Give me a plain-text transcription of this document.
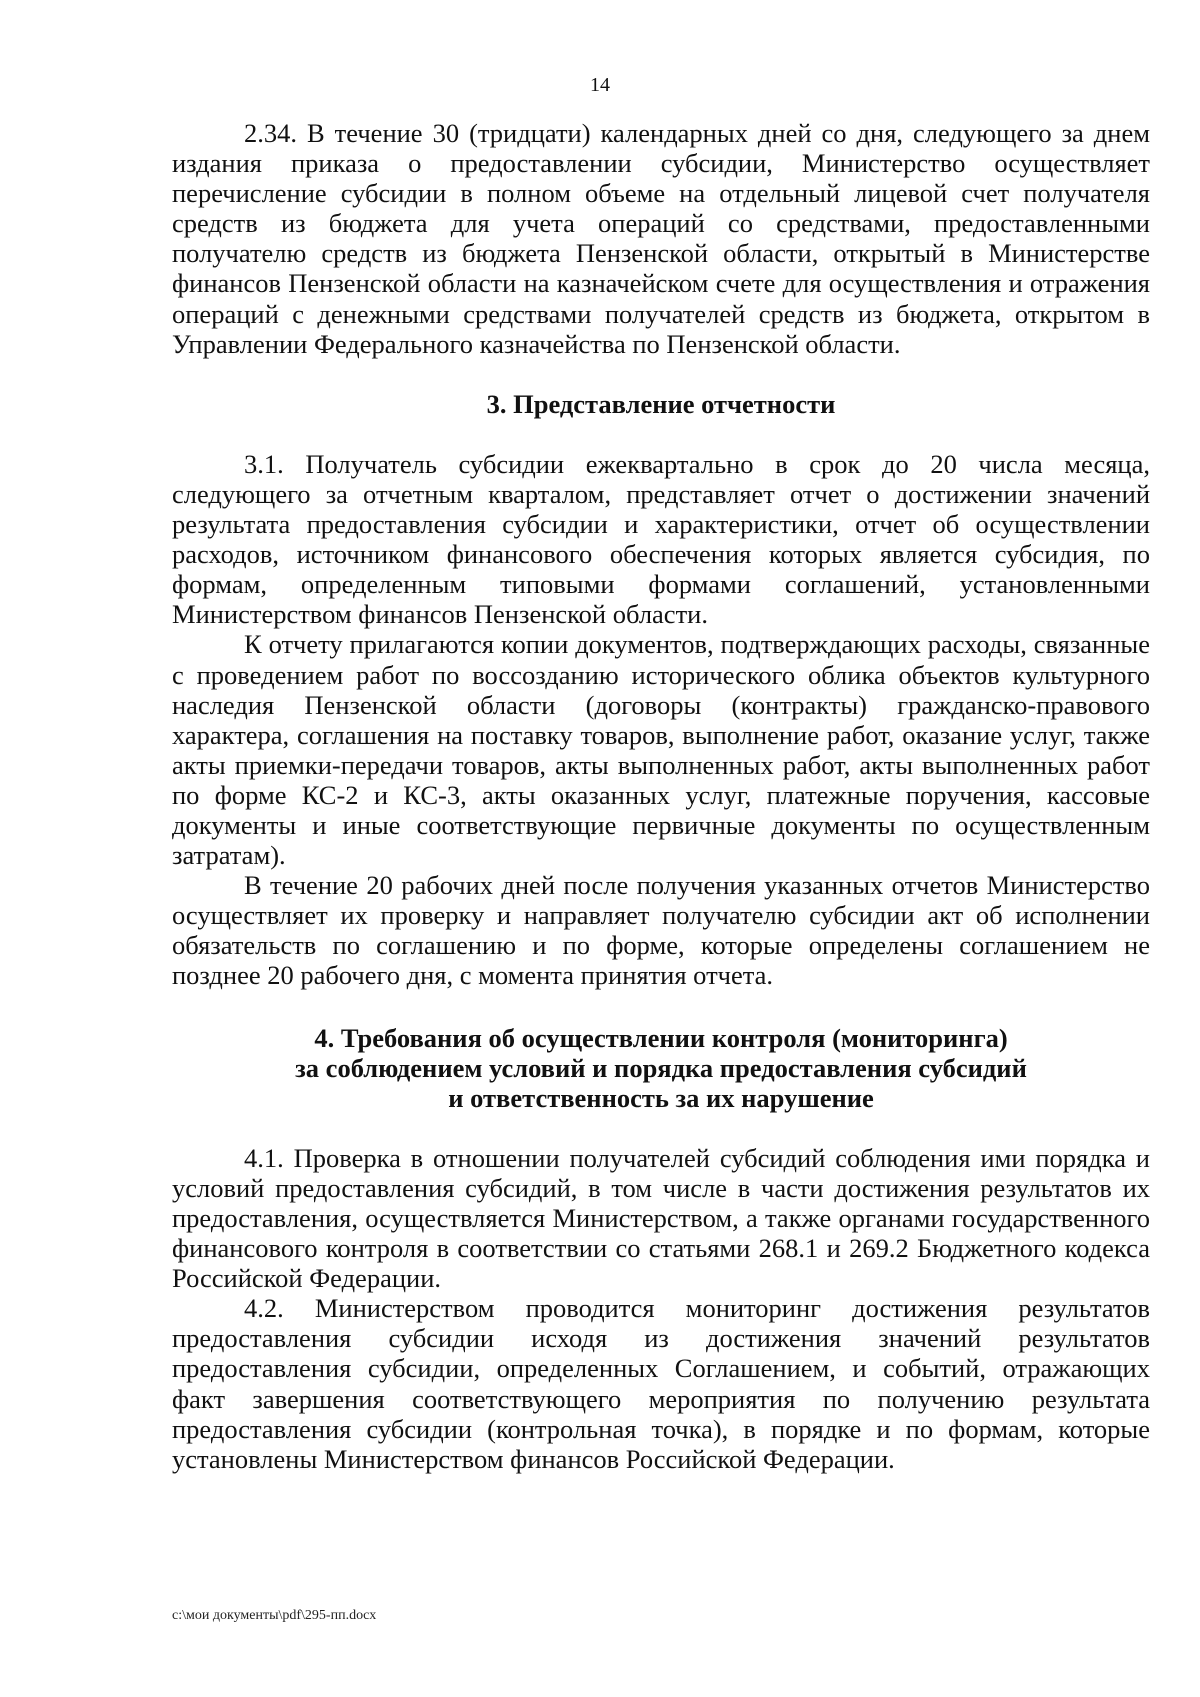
14

2.34. В течение 30 (тридцати) календарных дней со дня, следующего за днем издания приказа о предоставлении субсидии, Министерство осуществляет перечисление субсидии в полном объеме на отдельный лицевой счет получателя средств из бюджета для учета операций со средствами, предоставленными получателю средств из бюджета Пензенской области, открытый в Министерстве финансов Пензенской области на казначейском счете для осуществления и отражения операций с денежными средствами получателей средств из бюджета, открытом в Управлении Федерального казначейства по Пензенской области.

3. Представление отчетности

3.1. Получатель субсидии ежеквартально в срок до 20 числа месяца, следующего за отчетным кварталом, представляет отчет о достижении значений результата предоставления субсидии и характеристики, отчет об осуществлении расходов, источником финансового обеспечения которых является субсидия, по формам, определенным типовыми формами соглашений, установленными Министерством финансов Пензенской области.

К отчету прилагаются копии документов, подтверждающих расходы, связанные с проведением работ по воссозданию исторического облика объектов культурного наследия Пензенской области (договоры (контракты) гражданско-правового характера, соглашения на поставку товаров, выполнение работ, оказание услуг, также акты приемки-передачи товаров, акты выполненных работ, акты выполненных работ по форме КС-2 и КС-3, акты оказанных услуг, платежные поручения, кассовые документы и иные соответствующие первичные документы по осуществленным затратам).

В течение 20 рабочих дней после получения указанных отчетов Министерство осуществляет их проверку и направляет получателю субсидии акт об исполнении обязательств по соглашению и по форме, которые определены соглашением не позднее 20 рабочего дня, с момента принятия отчета.

4. Требования об осуществлении контроля (мониторинга)
за соблюдением условий и порядка предоставления субсидий
и ответственность за их нарушение

4.1. Проверка в отношении получателей субсидий соблюдения ими порядка и условий предоставления субсидий, в том числе в части достижения результатов их предоставления, осуществляется Министерством, а также органами государственного финансового контроля в соответствии со статьями 268.1 и 269.2 Бюджетного кодекса Российской Федерации.

4.2. Министерством проводится мониторинг достижения результатов предоставления субсидии исходя из достижения значений результатов предоставления субсидии, определенных Соглашением, и событий, отражающих факт завершения соответствующего мероприятия по получению результата предоставления субсидии (контрольная точка), в порядке и по формам, которые установлены Министерством финансов Российской Федерации.

c:\мои документы\pdf\295-пп.docx
